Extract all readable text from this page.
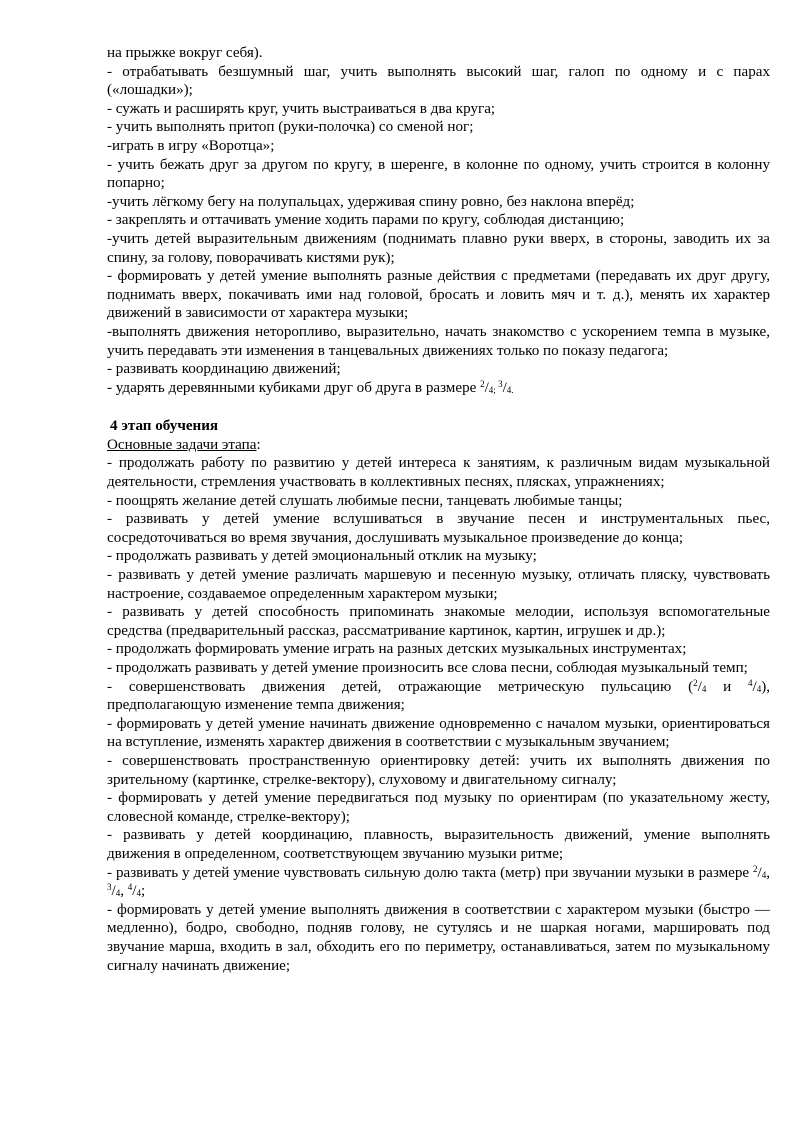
на прыжке вокруг себя).

- отрабатывать безшумный шаг, учить выполнять высокий шаг, галоп по одному и с парах («лошадки»);

- сужать и расширять круг, учить выстраиваться в два круга;

- учить выполнять притоп (руки-полочка) со сменой ног;

-играть в игру «Воротца»;

- учить бежать друг за другом по кругу, в шеренге, в колонне по одному, учить строится в колонну попарно;

-учить лёгкому бегу на полупальцах, удерживая спину ровно, без наклона вперёд;

- закреплять и оттачивать умение ходить парами по кругу, соблюдая дистанцию;

-учить детей выразительным движениям (поднимать плавно руки вверх, в стороны, заводить их за спину, за голову, поворачивать кистями рук);

- формировать у детей умение выполнять разные действия с предметами (передавать их друг другу, поднимать вверх, покачивать ими над головой, бросать и ловить мяч и т. д.), менять их характер движений в зависимости от характера музыки;

-выполнять движения неторопливо, выразительно, начать знакомство с ускорением темпа в музыке, учить передавать эти изменения в танцевальных движениях только по показу педагога;

- развивать координацию движений;

- ударять деревянными кубиками друг об друга в размере $^2/_{4;}$ $^3/_{4.}$

4 этап обучения

Основные задачи этапа:

- продолжать работу по развитию у детей интереса к занятиям, к различным видам музыкальной деятельности, стремления участвовать в коллективных песнях, плясках, упражнениях;

- поощрять желание детей слушать любимые песни, танцевать любимые танцы;

- развивать у детей умение вслушиваться в звучание песен и инструментальных пьес, сосредоточиваться во время звучания, дослушивать музыкальное произведение до конца;

- продолжать развивать у детей эмоциональный отклик на музыку;

- развивать у детей умение различать маршевую и песенную музыку, отличать пляску, чувствовать настроение, создаваемое определенным характером музыки;

- развивать у детей способность припоминать знакомые мелодии, используя вспомогательные средства (предварительный рассказ, рассматривание картинок, картин, игрушек и др.);

- продолжать формировать умение играть на разных детских музыкальных инструментах;

- продолжать развивать у детей умение произносить все слова песни, соблюдая музыкальный темп;

- совершенствовать движения детей, отражающие метрическую пульсацию ($^2/_4$ и $^4/_4$), предполагающую изменение темпа движения;

- формировать у детей умение начинать движение одновременно с началом музыки, ориентироваться на вступление, изменять характер движения в соответствии с музыкальным звучанием;

- совершенствовать пространственную ориентировку детей: учить их выполнять движения по зрительному (картинке, стрелке-вектору), слуховому и двигательному сигналу;

- формировать у детей умение передвигаться под музыку по ориентирам (по указательному жесту, словесной команде, стрелке-вектору);

- развивать у детей координацию, плавность, выразительность движений, умение выполнять движения в определенном, соответствующем звучанию музыки ритме;

- развивать у детей умение чувствовать сильную долю такта (метр) при звучании музыки в размере $^2/_4$, $^3/_4$, $^4/_4$;

- формировать у детей умение выполнять движения в соответствии с характером музыки (быстро — медленно), бодро, свободно, подняв голову, не сутулясь и не шаркая ногами, маршировать под звучание марша, входить в зал, обходить его по периметру, останавливаться, затем по музыкальному сигналу начинать движение;
